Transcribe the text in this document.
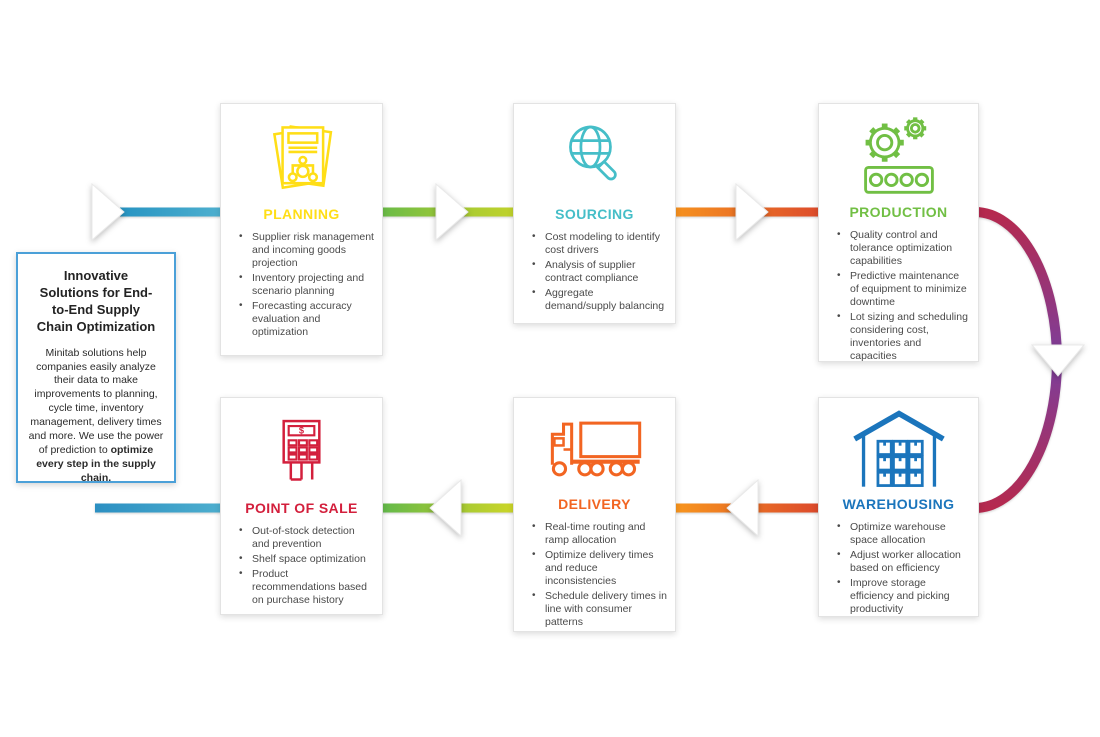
Innovative Solutions for End-to-End Supply Chain Optimization
Minitab solutions help companies easily analyze their data to make improvements to planning, cycle time, inventory management, delivery times and more. We use the power of prediction to optimize every step in the supply chain.
PLANNING
• Supplier risk management and incoming goods projection
• Inventory projecting and scenario planning
• Forecasting accuracy evaluation and optimization
SOURCING
• Cost modeling to identify cost drivers
• Analysis of supplier contract compliance
• Aggregate demand/supply balancing
PRODUCTION
• Quality control and tolerance optimization capabilities
• Predictive maintenance of equipment to minimize downtime
• Lot sizing and scheduling considering cost, inventories and capacities
WAREHOUSING
• Optimize warehouse space allocation
• Adjust worker allocation based on efficiency
• Improve storage efficiency and picking productivity
DELIVERY
• Real-time routing and ramp allocation
• Optimize delivery times and reduce inconsistencies
• Schedule delivery times in line with consumer patterns
$
POINT OF SALE
• Out-of-stock detection and prevention
• Shelf space optimization
• Product recommendations based on purchase history
